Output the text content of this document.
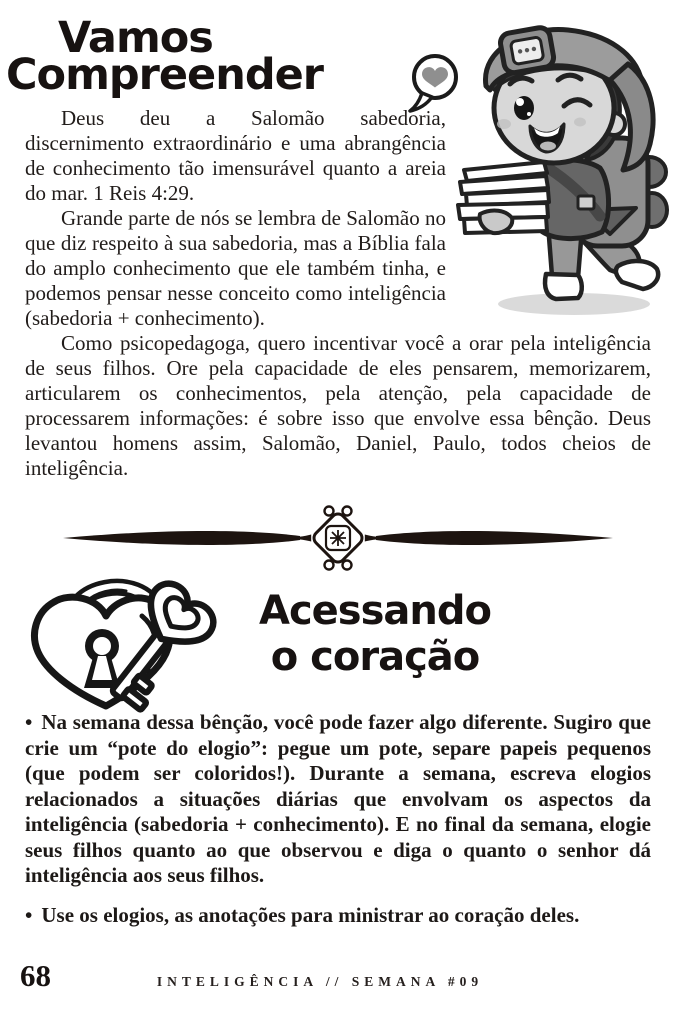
Vamos
Compreender

Deus deu a Salomão sabedoria, discernimento extraordinário e uma abrangência de conhecimento tão imensurável quanto a areia do mar. 1 Reis 4:29.

Grande parte de nós se lembra de Salomão no que diz respeito à sua sabedoria, mas a Bíblia fala do amplo conhecimento que ele também tinha, e podemos pensar nesse conceito como inteligência (sabedoria + conhecimento).

Como psicopedagoga, quero incentivar você a orar pela inteligência de seus filhos. Ore pela capacidade de eles pensarem, memorizarem, articularem os conhecimentos, pela atenção, pela capacidade de processarem informações: é sobre isso que envolve essa bênção. Deus levantou homens assim, Salomão, Daniel, Paulo, todos cheios de inteligência.

Acessando
o coração

• Na semana dessa bênção, você pode fazer algo diferente. Sugiro que crie um “pote do elogio”: pegue um pote, separe papeis pequenos (que podem ser coloridos!). Durante a semana, escreva elogios relacionados a situações diárias que envolvam os aspectos da inteligência (sabedoria + conhecimento). E no final da semana, elogie seus filhos quanto ao que observou e diga o quanto o senhor dá inteligência aos seus filhos.

• Use os elogios, as anotações para ministrar ao coração deles.

68	INTELIGÊNCIA // SEMANA #09
